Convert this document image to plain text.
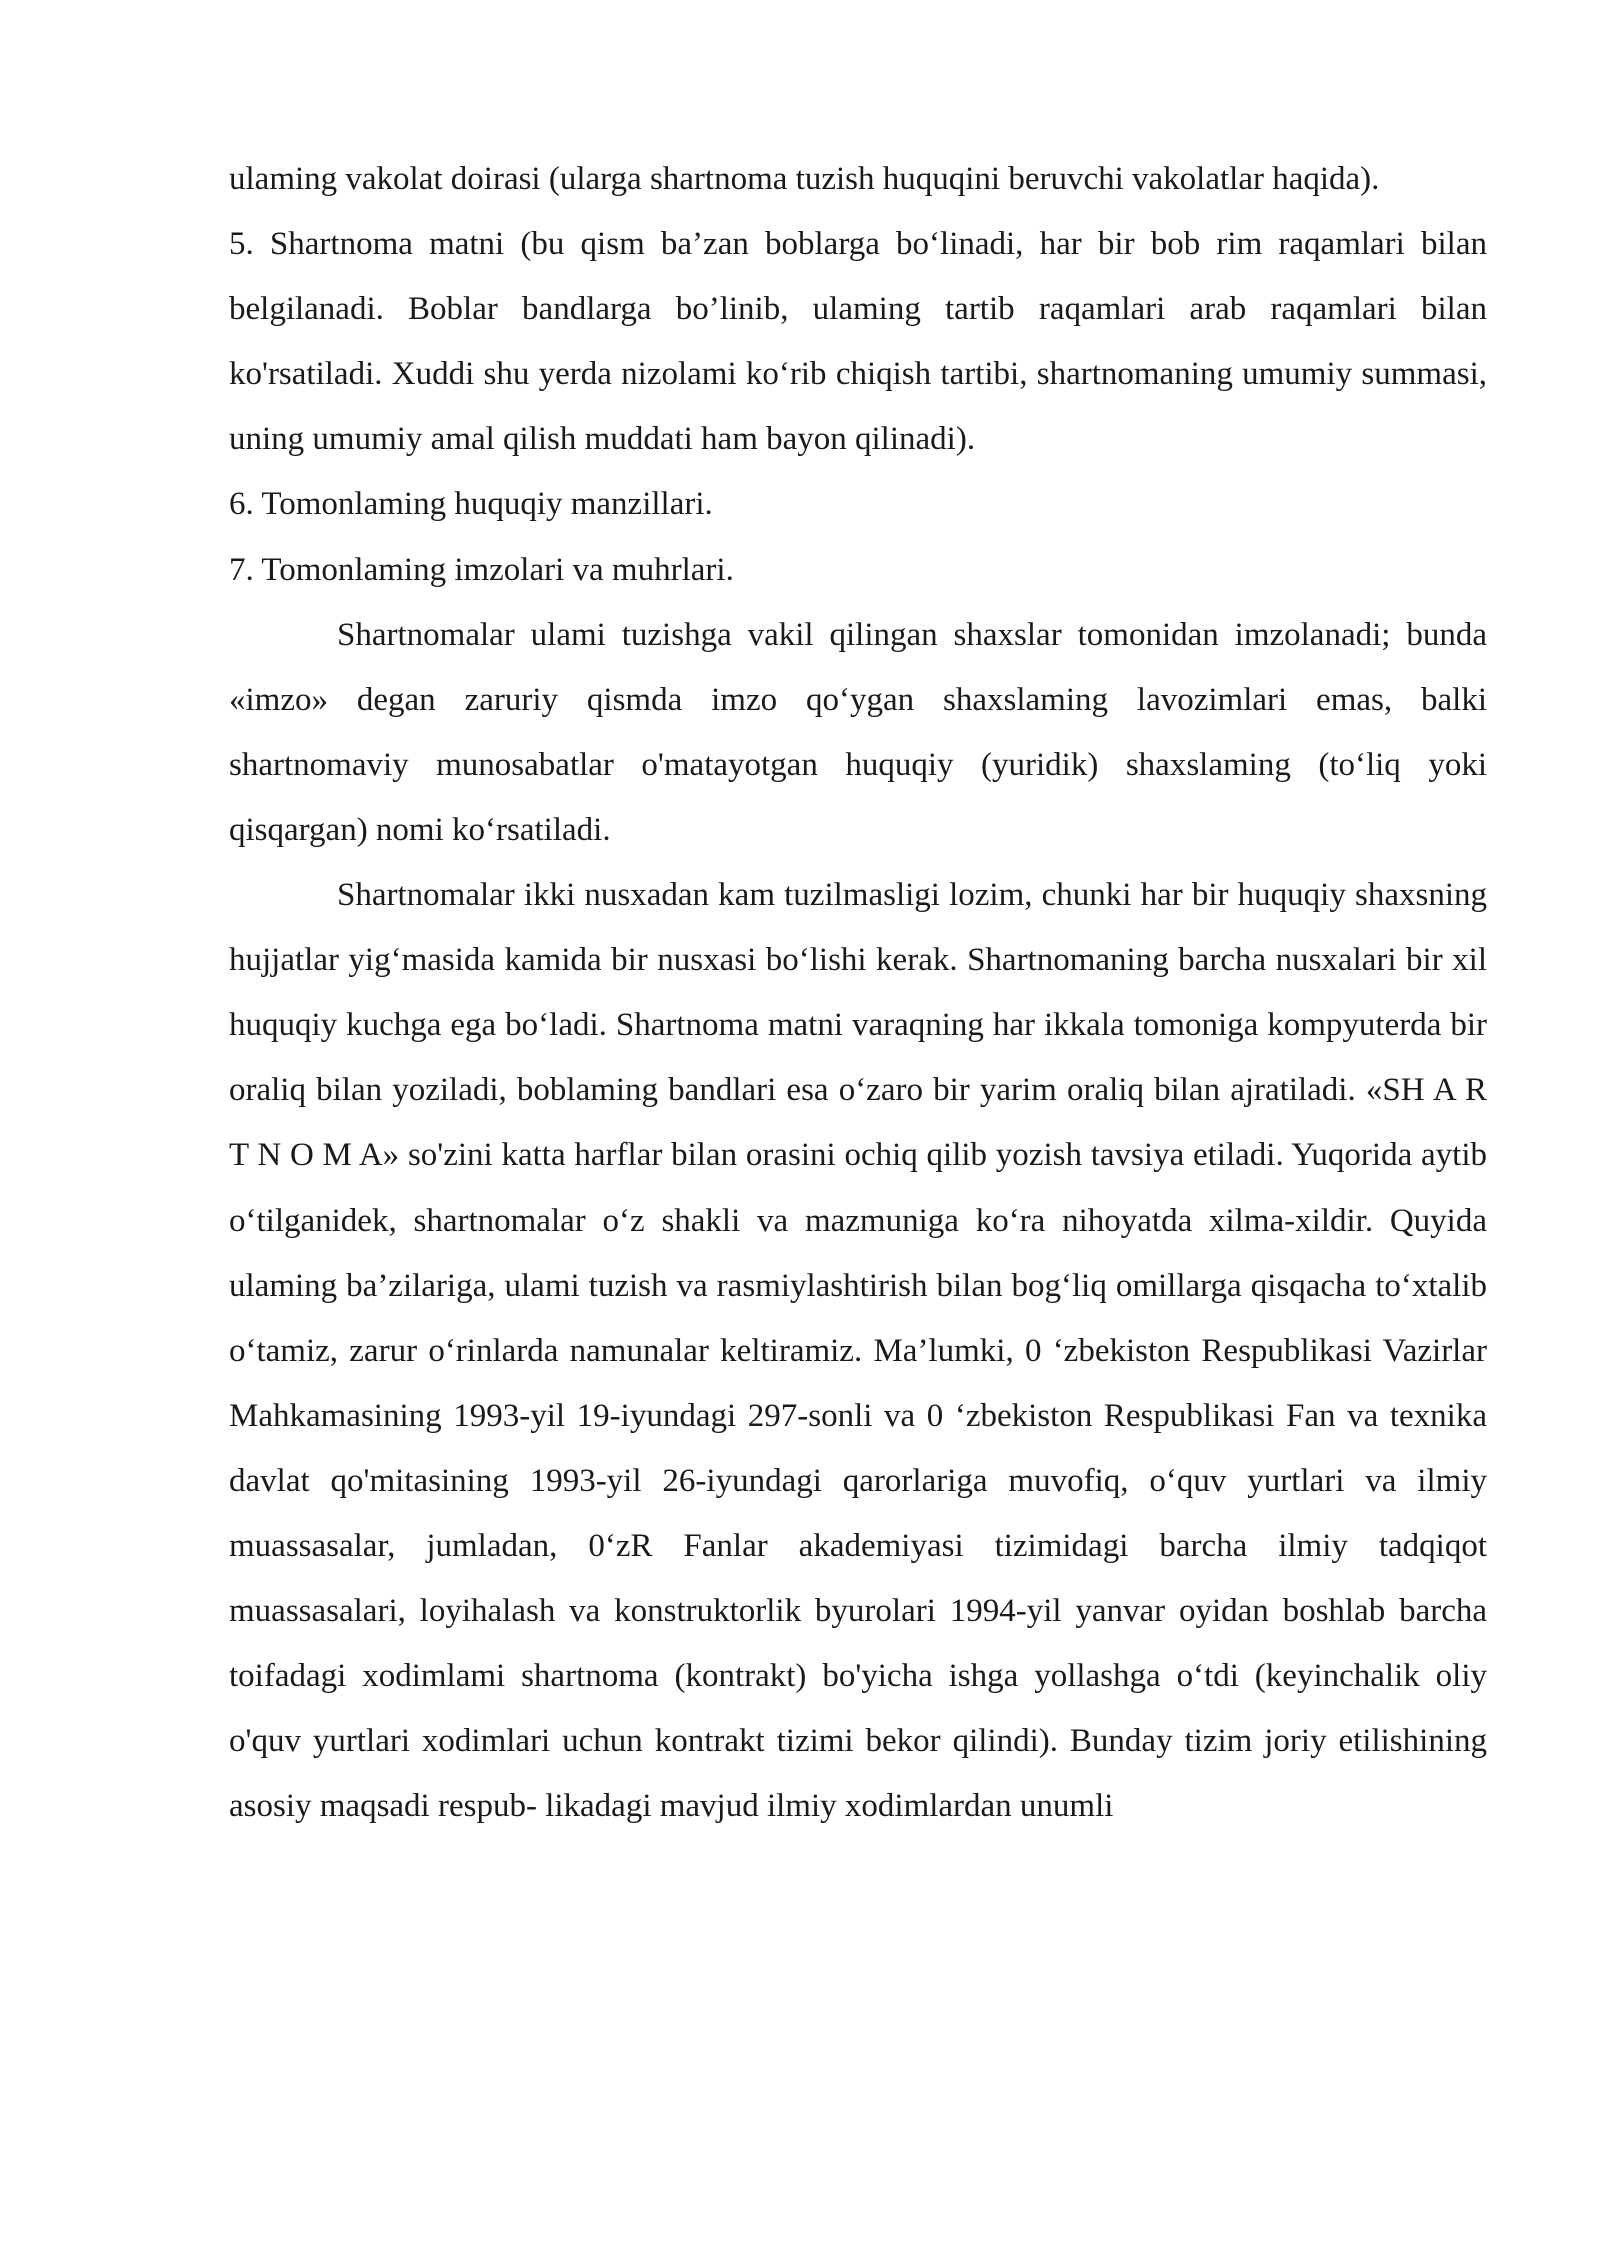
ulaming vakolat doirasi (ularga shartnoma tuzish huquqini beruvchi vakolatlar haqida).

5. Shartnoma matni (bu qism ba’zan boblarga bo‘linadi, har bir bob rim raqamlari bilan belgilanadi. Boblar bandlarga bo’linib, ulaming tartib raqamlari arab raqamlari bilan ko'rsatiladi. Xuddi shu yerda nizolami ko‘rib chiqish tartibi, shartnomaning umumiy summasi, uning umumiy amal qilish muddati ham bayon qilinadi).

6. Tomonlaming huquqiy manzillari.

7. Tomonlaming imzolari va muhrlari.

Shartnomalar ulami tuzishga vakil qilingan shaxslar tomonidan imzolanadi; bunda «imzo» degan zaruriy qismda imzo qo‘ygan shaxslaming lavozimlari emas, balki shartnomaviy munosabatlar o'matayotgan huquqiy (yuridik) shaxslaming (to‘liq yoki qisqargan) nomi ko‘rsatiladi.

Shartnomalar ikki nusxadan kam tuzilmasligi lozim, chunki har bir huquqiy shaxsning hujjatlar yig‘masida kamida bir nusxasi bo‘lishi kerak. Shartnomaning barcha nusxalari bir xil huquqiy kuchga ega bo‘ladi. Shartnoma matni varaqning har ikkala tomoniga kompyuterda bir oraliq bilan yoziladi, boblaming bandlari esa o‘zaro bir yarim oraliq bilan ajratiladi. «SH A R T N O M A» so'zini katta harflar bilan orasini ochiq qilib yozish tavsiya etiladi. Yuqorida aytib o‘tilganidek, shartnomalar o‘z shakli va mazmuniga ko‘ra nihoyatda xilma-xildir. Quyida ulaming ba’zilariga, ulami tuzish va rasmiylashtirish bilan bog‘liq omillarga qisqacha to‘xtalib o‘tamiz, zarur o‘rinlarda namunalar keltiramiz. Ma’lumki, 0 ‘zbekiston Respublikasi Vazirlar Mahkamasining 1993-yil 19-iyundagi 297-sonli va 0 ‘zbekiston Respublikasi Fan va texnika davlat qo'mitasining 1993-yil 26-iyundagi qarorlariga muvofiq, o‘quv yurtlari va ilmiy muassasalar, jumladan, 0‘zR Fanlar akademiyasi tizimidagi barcha ilmiy tadqiqot muassasalari, loyihalash va konstruktorlik byurolari 1994-yil yanvar oyidan boshlab barcha toifadagi xodimlami shartnoma (kontrakt) bo'yicha ishga yollashga o‘tdi (keyinchalik oliy o'quv yurtlari xodimlari uchun kontrakt tizimi bekor qilindi). Bunday tizim joriy etilishining asosiy maqsadi respub- likadagi mavjud ilmiy xodimlardan unumli
